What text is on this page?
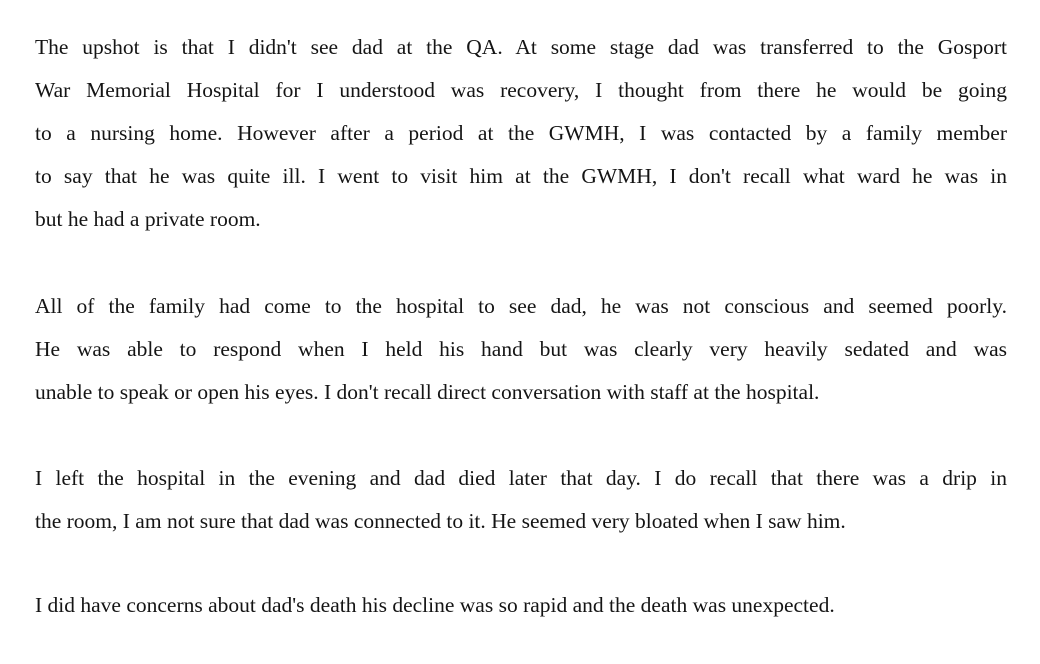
The upshot is that I didn't see dad at the QA. At some stage dad was transferred to the Gosport
War Memorial Hospital for I understood was recovery, I thought from there he would be going
to a nursing home. However after a period at the GWMH, I was contacted by a family member
to say that he was quite ill. I went to visit him at the GWMH, I don't recall what ward he was in
but he had a private room.
All of the family had come to the hospital to see dad, he was not conscious and seemed poorly.
He was able to respond when I held his hand but was clearly very heavily sedated and was
unable to speak or open his eyes. I don't recall direct conversation with staff at the hospital.
I left the hospital in the evening and dad died later that day. I do recall that there was a drip in
the room, I am not sure that dad was connected to it. He seemed very bloated when I saw him.
I did have concerns about dad's death his decline was so rapid and the death was unexpected.
